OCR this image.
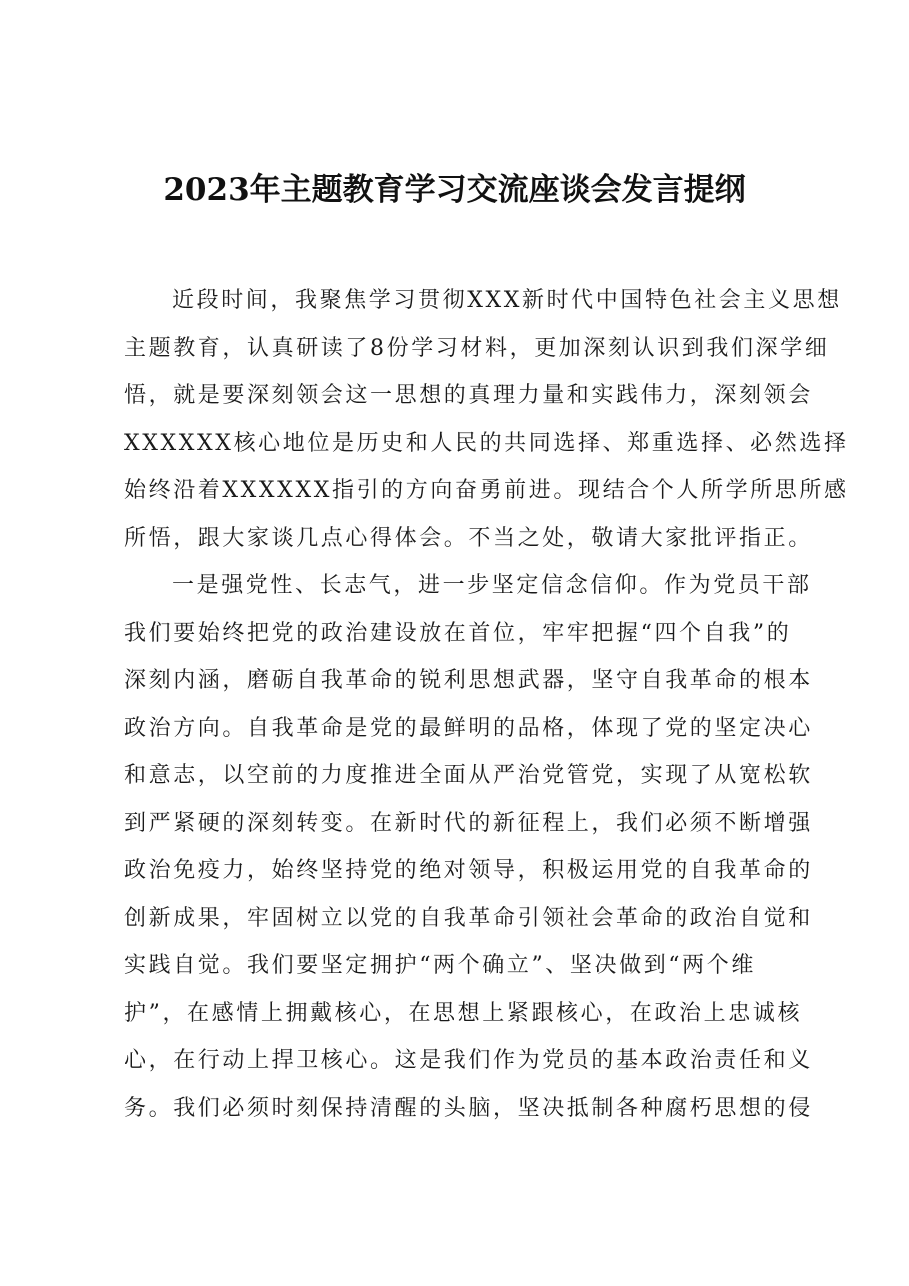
2023年主题教育学习交流座谈会发言提纲
近段时间，我聚焦学习贯彻XXX新时代中国特色社会主义思想
主题教育，认真研读了8份学习材料，更加深刻认识到我们深学细
悟，就是要深刻领会这一思想的真理力量和实践伟力，深刻领会
XXXXXX核心地位是历史和人民的共同选择、郑重选择、必然选择
始终沿着XXXXXX指引的方向奋勇前进。现结合个人所学所思所感
所悟，跟大家谈几点心得体会。不当之处，敬请大家批评指正。
一是强党性、长志气，进一步坚定信念信仰。作为党员干部
我们要始终把党的政治建设放在首位，牢牢把握“四个自我”的
深刻内涵，磨砺自我革命的锐利思想武器，坚守自我革命的根本
政治方向。自我革命是党的最鲜明的品格，体现了党的坚定决心
和意志，以空前的力度推进全面从严治党管党，实现了从宽松软
到严紧硬的深刻转变。在新时代的新征程上，我们必须不断增强
政治免疫力，始终坚持党的绝对领导，积极运用党的自我革命的
创新成果，牢固树立以党的自我革命引领社会革命的政治自觉和
实践自觉。我们要坚定拥护“两个确立”、坚决做到“两个维
护”，在感情上拥戴核心，在思想上紧跟核心，在政治上忠诚核
心，在行动上捍卫核心。这是我们作为党员的基本政治责任和义
务。我们必须时刻保持清醒的头脑，坚决抵制各种腐朽思想的侵
